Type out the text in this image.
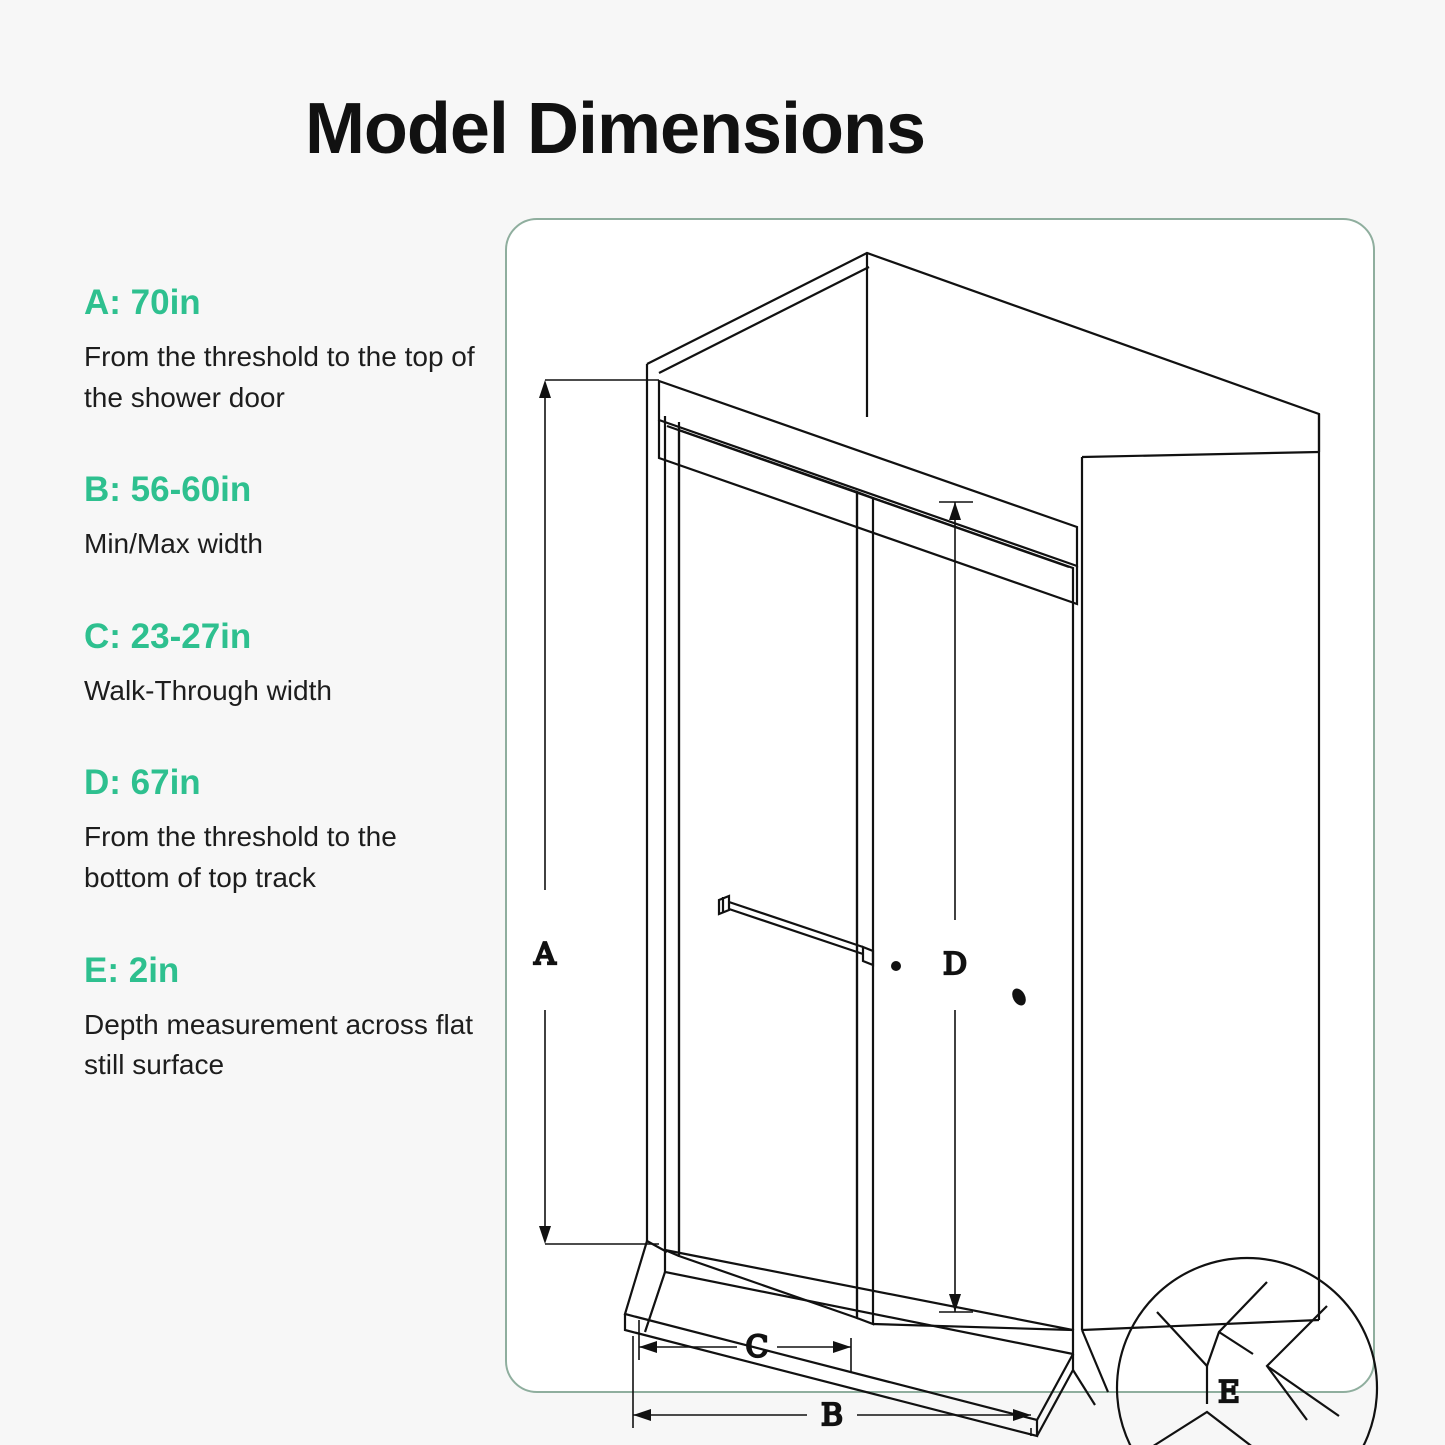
Model Dimensions

A: 70in

From the threshold to the top of the shower door

B: 56-60in

Min/Max width

C: 23-27in

Walk-Through width

D: 67in

From the threshold to the bottom of top track

E: 2in

Depth measurement across flat still surface

A	D
C
B
E
